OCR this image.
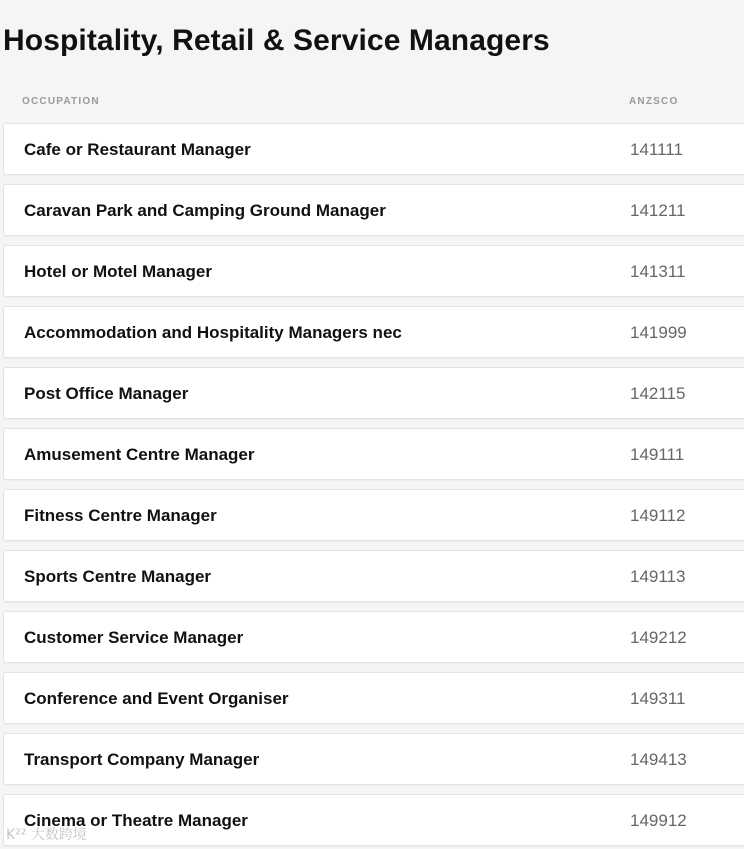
Hospitality, Retail & Service Managers
OCCUPATION	ANZSCO
Cafe or Restaurant Manager	141111
Caravan Park and Camping Ground Manager	141211
Hotel or Motel Manager	141311
Accommodation and Hospitality Managers nec	141999
Post Office Manager	142115
Amusement Centre Manager	149111
Fitness Centre Manager	149112
Sports Centre Manager	149113
Customer Service Manager	149212
Conference and Event Organiser	149311
Transport Company Manager	149413
Cinema or Theatre Manager	149912
K²² 大数跨境
